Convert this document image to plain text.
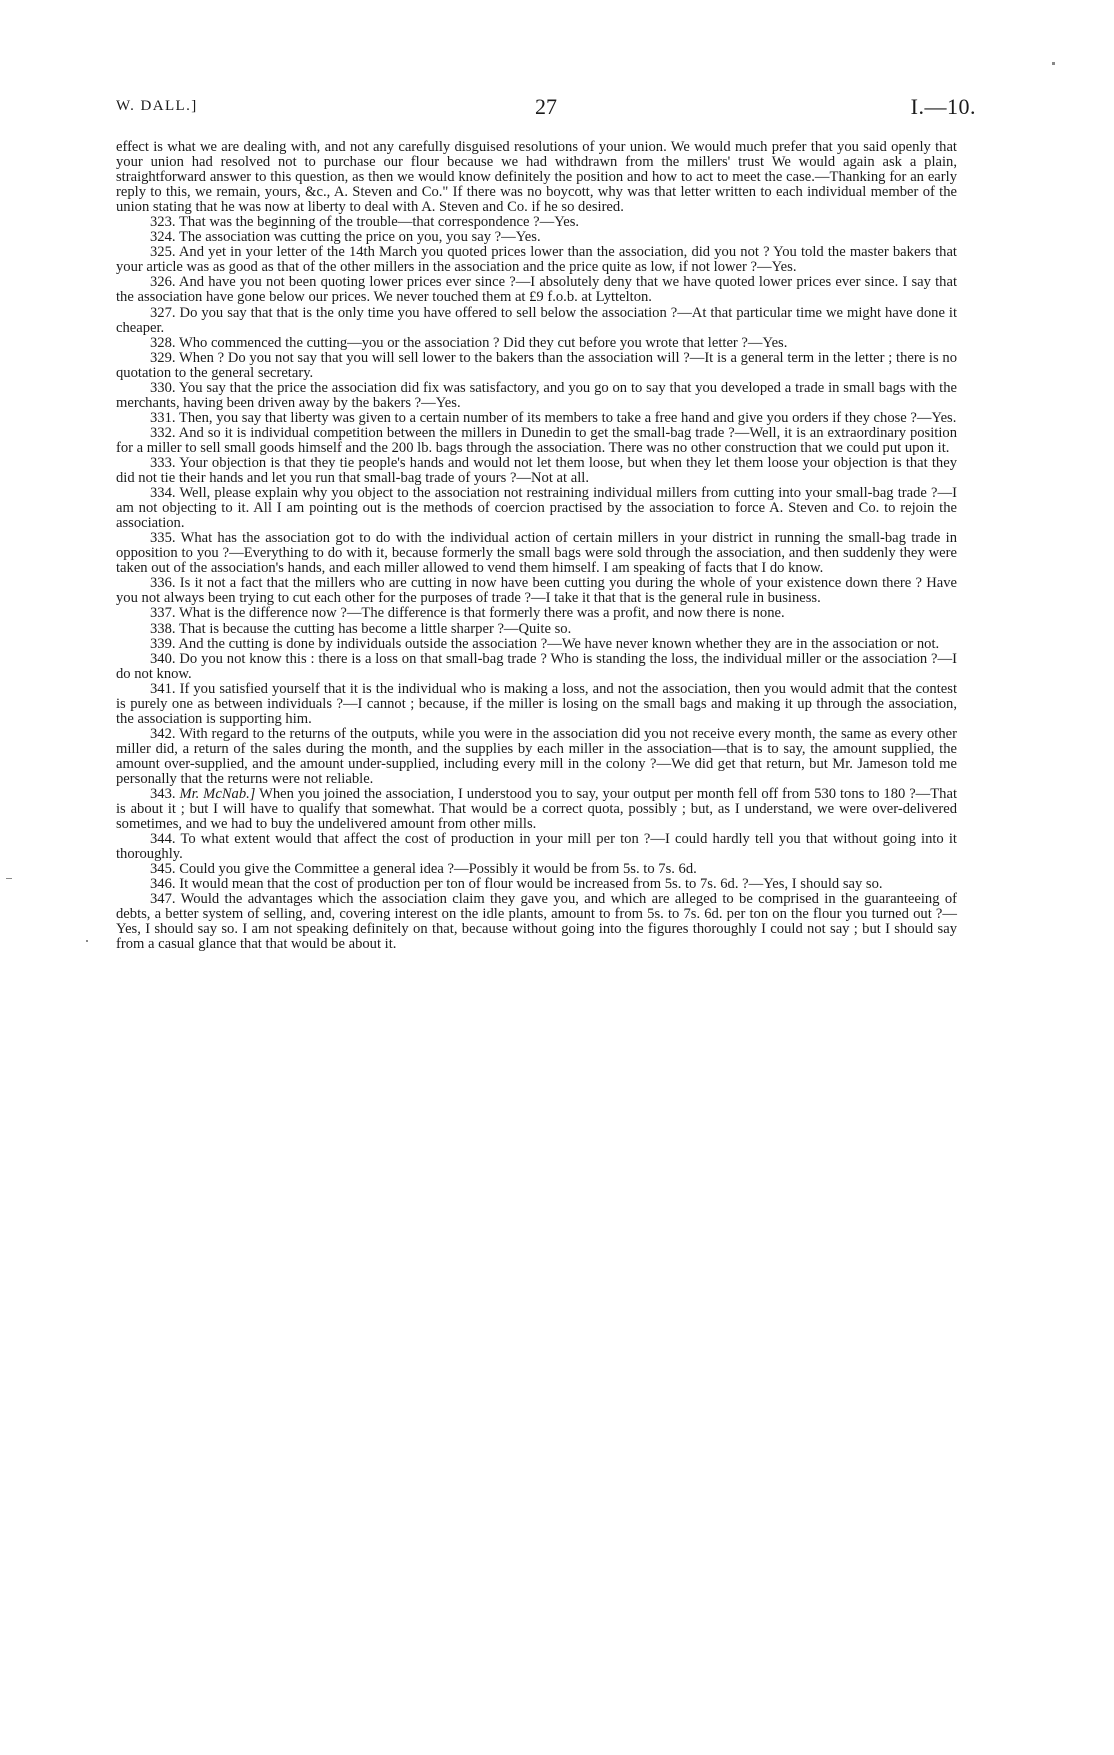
W. DALL.]	27	I.—10.

effect is what we are dealing with, and not any carefully disguised resolutions of your union. We would much prefer that you said openly that your union had resolved not to purchase our flour because we had withdrawn from the millers' trust We would again ask a plain, straightforward answer to this question, as then we would know definitely the position and how to act to meet the case.—Thanking for an early reply to this, we remain, yours, &c., A. Steven and Co." If there was no boycott, why was that letter written to each individual member of the union stating that he was now at liberty to deal with A. Steven and Co. if he so desired.

323. That was the beginning of the trouble—that correspondence ?—Yes.

324. The association was cutting the price on you, you say ?—Yes.

325. And yet in your letter of the 14th March you quoted prices lower than the association, did you not ? You told the master bakers that your article was as good as that of the other millers in the association and the price quite as low, if not lower ?—Yes.

326. And have you not been quoting lower prices ever since ?—I absolutely deny that we have quoted lower prices ever since. I say that the association have gone below our prices. We never touched them at £9 f.o.b. at Lyttelton.

327. Do you say that that is the only time you have offered to sell below the association ?—At that particular time we might have done it cheaper.

328. Who commenced the cutting—you or the association ? Did they cut before you wrote that letter ?—Yes.

329. When ? Do you not say that you will sell lower to the bakers than the association will ?—It is a general term in the letter ; there is no quotation to the general secretary.

330. You say that the price the association did fix was satisfactory, and you go on to say that you developed a trade in small bags with the merchants, having been driven away by the bakers ?—Yes.

331. Then, you say that liberty was given to a certain number of its members to take a free hand and give you orders if they chose ?—Yes.

332. And so it is individual competition between the millers in Dunedin to get the small-bag trade ?—Well, it is an extraordinary position for a miller to sell small goods himself and the 200 lb. bags through the association. There was no other construction that we could put upon it.

333. Your objection is that they tie people's hands and would not let them loose, but when they let them loose your objection is that they did not tie their hands and let you run that small-bag trade of yours ?—Not at all.

334. Well, please explain why you object to the association not restraining individual millers from cutting into your small-bag trade ?—I am not objecting to it. All I am pointing out is the methods of coercion practised by the association to force A. Steven and Co. to rejoin the association.

335. What has the association got to do with the individual action of certain millers in your district in running the small-bag trade in opposition to you ?—Everything to do with it, because formerly the small bags were sold through the association, and then suddenly they were taken out of the association's hands, and each miller allowed to vend them himself. I am speaking of facts that I do know.

336. Is it not a fact that the millers who are cutting in now have been cutting you during the whole of your existence down there ? Have you not always been trying to cut each other for the purposes of trade ?—I take it that that is the general rule in business.

337. What is the difference now ?—The difference is that formerly there was a profit, and now there is none.

338. That is because the cutting has become a little sharper ?—Quite so.

339. And the cutting is done by individuals outside the association ?—We have never known whether they are in the association or not.

340. Do you not know this : there is a loss on that small-bag trade ? Who is standing the loss, the individual miller or the association ?—I do not know.

341. If you satisfied yourself that it is the individual who is making a loss, and not the association, then you would admit that the contest is purely one as between individuals ?—I cannot ; because, if the miller is losing on the small bags and making it up through the association, the association is supporting him.

342. With regard to the returns of the outputs, while you were in the association did you not receive every month, the same as every other miller did, a return of the sales during the month, and the supplies by each miller in the association—that is to say, the amount supplied, the amount over-supplied, and the amount under-supplied, including every mill in the colony ?—We did get that return, but Mr. Jameson told me personally that the returns were not reliable.

343. Mr. McNab.] When you joined the association, I understood you to say, your output per month fell off from 530 tons to 180 ?—That is about it ; but I will have to qualify that somewhat. That would be a correct quota, possibly ; but, as I understand, we were over-delivered sometimes, and we had to buy the undelivered amount from other mills.

344. To what extent would that affect the cost of production in your mill per ton ?—I could hardly tell you that without going into it thoroughly.

345. Could you give the Committee a general idea ?—Possibly it would be from 5s. to 7s. 6d.

346. It would mean that the cost of production per ton of flour would be increased from 5s. to 7s. 6d. ?—Yes, I should say so.

347. Would the advantages which the association claim they gave you, and which are alleged to be comprised in the guaranteeing of debts, a better system of selling, and, covering interest on the idle plants, amount to from 5s. to 7s. 6d. per ton on the flour you turned out ?—Yes, I should say so. I am not speaking definitely on that, because without going into the figures thoroughly I could not say ; but I should say from a casual glance that that would be about it.
